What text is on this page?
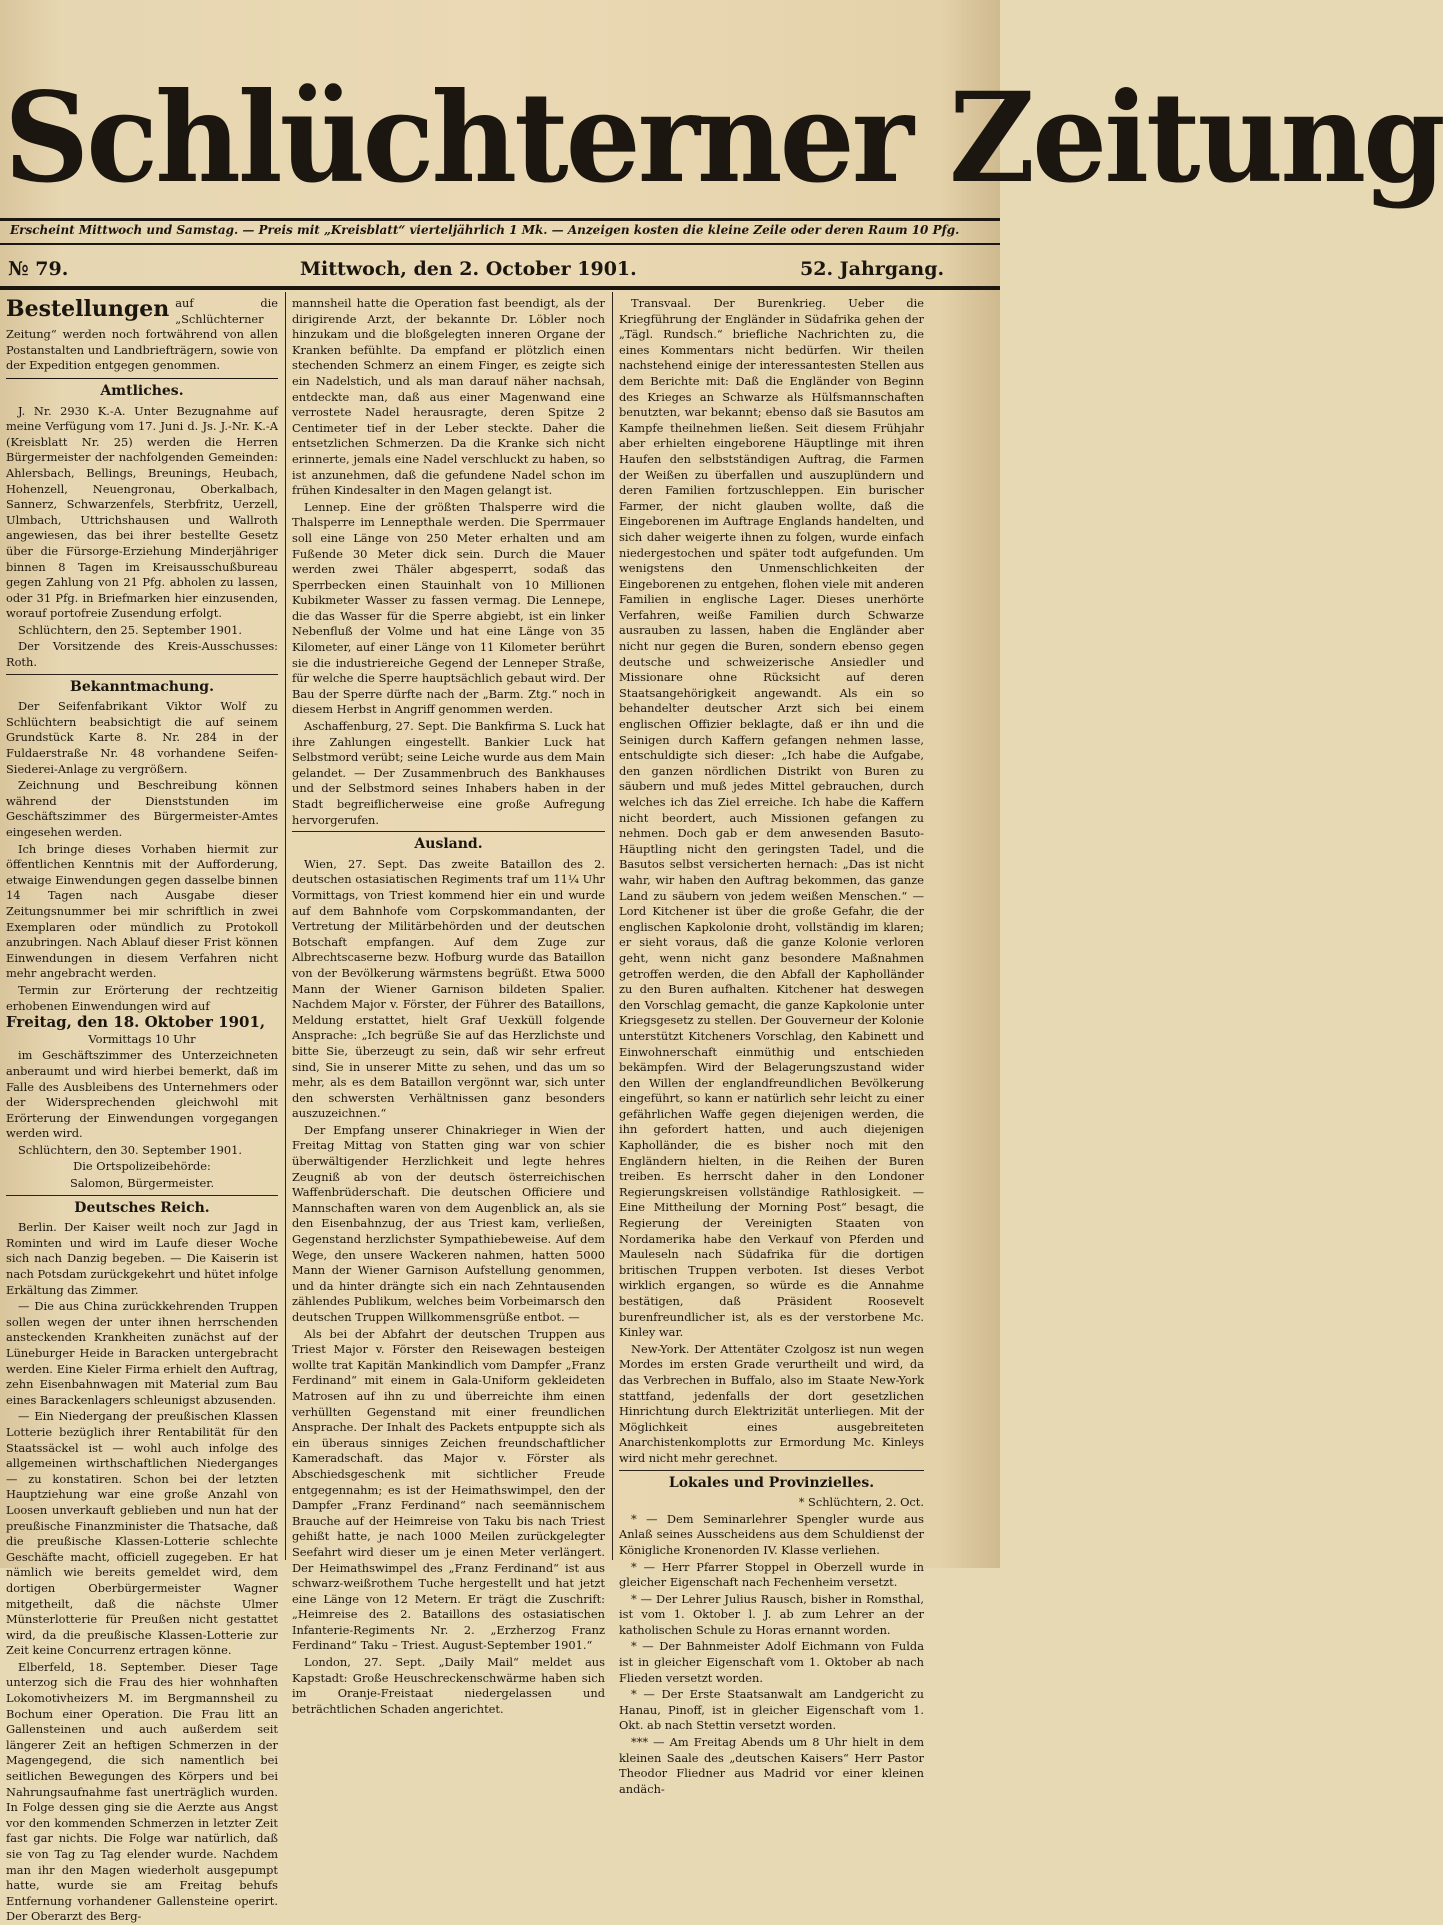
Schlüchterner Zeitung
Erscheint Mittwoch und Samstag. — Preis mit „Kreisblatt“ vierteljährlich 1 Mk. — Anzeigen kosten die kleine Zeile oder deren Raum 10 Pfg.
№ 79.	Mittwoch, den 2. October 1901.	52. Jahrgang.
Bestellungen auf die „Schlüchterner Zeitung“ werden noch fortwährend von allen Postanstalten und Landbriefträgern, sowie von der Expedition entgegen genommen.
Amtliches.

J. Nr. 2930 K.-A. Unter Bezugnahme auf meine Verfügung vom 17. Juni d. Js. J.-Nr. K.-A (Kreisblatt Nr. 25) werden die Herren Bürgermeister der nachfolgenden Gemeinden: Ahlersbach, Bellings, Breunings, Heubach, Hohenzell, Neuengronau, Oberkalbach, Sannerz, Schwarzenfels, Sterbfritz, Uerzell, Ulmbach, Uttrichshausen und Wallroth angewiesen, das bei ihrer bestellte Gesetz über die Fürsorge-Erziehung Minderjähriger binnen 8 Tagen im Kreisausschußbureau gegen Zahlung von 21 Pfg. abholen zu lassen, oder 31 Pfg. in Briefmarken hier einzusenden, worauf portofreie Zusendung erfolgt.

Schlüchtern, den 25. September 1901.

Der Vorsitzende des Kreis-Ausschusses: Roth.

Bekanntmachung.

Der Seifenfabrikant Viktor Wolf zu Schlüchtern beabsichtigt die auf seinem Grundstück Karte 8. Nr. 284 in der Fuldaerstraße Nr. 48 vorhandene Seifen-Siederei-Anlage zu vergrößern.

Zeichnung und Beschreibung können während der Dienststunden im Geschäftszimmer des Bürgermeister-Amtes eingesehen werden.

Ich bringe dieses Vorhaben hiermit zur öffentlichen Kenntnis mit der Aufforderung, etwaige Einwendungen gegen dasselbe binnen 14 Tagen nach Ausgabe dieser Zeitungsnummer bei mir schriftlich in zwei Exemplaren oder mündlich zu Protokoll anzubringen. Nach Ablauf dieser Frist können Einwendungen in diesem Verfahren nicht mehr angebracht werden.

Termin zur Erörterung der rechtzeitig erhobenen Einwendungen wird auf

Freitag, den 18. Oktober 1901,

Vormittags 10 Uhr

im Geschäftszimmer des Unterzeichneten anberaumt und wird hierbei bemerkt, daß im Falle des Ausbleibens des Unternehmers oder der Widersprechenden gleichwohl mit Erörterung der Einwendungen vorgegangen werden wird.

Schlüchtern, den 30. September 1901.

Die Ortspolizeibehörde:

Salomon, Bürgermeister.

Deutsches Reich.

Berlin. Der Kaiser weilt noch zur Jagd in Rominten und wird im Laufe dieser Woche sich nach Danzig begeben. — Die Kaiserin ist nach Potsdam zurückgekehrt und hütet infolge Erkältung das Zimmer.

— Die aus China zurückkehrenden Truppen sollen wegen der unter ihnen herrschenden ansteckenden Krankheiten zunächst auf der Lüneburger Heide in Baracken untergebracht werden. Eine Kieler Firma erhielt den Auftrag, zehn Eisenbahnwagen mit Material zum Bau eines Barackenlagers schleunigst abzusenden.

— Ein Niedergang der preußischen Klassen Lotterie bezüglich ihrer Rentabilität für den Staatssäckel ist — wohl auch infolge des allgemeinen wirthschaftlichen Niederganges — zu konstatiren. Schon bei der letzten Hauptziehung war eine große Anzahl von Loosen unverkauft geblieben und nun hat der preußische Finanzminister die Thatsache, daß die preußische Klassen-Lotterie schlechte Geschäfte macht, officiell zugegeben. Er hat nämlich wie bereits gemeldet wird, dem dortigen Oberbürgermeister Wagner mitgetheilt, daß die nächste Ulmer Münsterlotterie für Preußen nicht gestattet wird, da die preußische Klassen-Lotterie zur Zeit keine Concurrenz ertragen könne.

Elberfeld, 18. September. Dieser Tage unterzog sich die Frau des hier wohnhaften Lokomotivheizers M. im Bergmannsheil zu Bochum einer Operation. Die Frau litt an Gallensteinen und auch außerdem seit längerer Zeit an heftigen Schmerzen in der Magengegend, die sich namentlich bei seitlichen Bewegungen des Körpers und bei Nahrungsaufnahme fast unerträglich wurden. In Folge dessen ging sie die Aerzte aus Angst vor den kommenden Schmerzen in letzter Zeit fast gar nichts. Die Folge war natürlich, daß sie von Tag zu Tag elender wurde. Nachdem man ihr den Magen wiederholt ausgepumpt hatte, wurde sie am Freitag behufs Entfernung vorhandener Gallensteine operirt. Der Oberarzt des Berg-

mannsheil hatte die Operation fast beendigt, als der dirigirende Arzt, der bekannte Dr. Löbler noch hinzukam und die bloßgelegten inneren Organe der Kranken befühlte. Da empfand er plötzlich einen stechenden Schmerz an einem Finger, es zeigte sich ein Nadelstich, und als man darauf näher nachsah, entdeckte man, daß aus einer Magenwand eine verrostete Nadel herausragte, deren Spitze 2 Centimeter tief in der Leber steckte. Daher die entsetzlichen Schmerzen. Da die Kranke sich nicht erinnerte, jemals eine Nadel verschluckt zu haben, so ist anzunehmen, daß die gefundene Nadel schon im frühen Kindesalter in den Magen gelangt ist.

Lennep. Eine der größten Thalsperre wird die Thalsperre im Lennepthale werden. Die Sperrmauer soll eine Länge von 250 Meter erhalten und am Fußende 30 Meter dick sein. Durch die Mauer werden zwei Thäler abgesperrt, sodaß das Sperrbecken einen Stauinhalt von 10 Millionen Kubikmeter Wasser zu fassen vermag. Die Lennepe, die das Wasser für die Sperre abgiebt, ist ein linker Nebenfluß der Volme und hat eine Länge von 35 Kilometer, auf einer Länge von 11 Kilometer berührt sie die industriereiche Gegend der Lenneper Straße, für welche die Sperre hauptsächlich gebaut wird. Der Bau der Sperre dürfte nach der „Barm. Ztg.“ noch in diesem Herbst in Angriff genommen werden.

Aschaffenburg, 27. Sept. Die Bankfirma S. Luck hat ihre Zahlungen eingestellt. Bankier Luck hat Selbstmord verübt; seine Leiche wurde aus dem Main gelandet. — Der Zusammenbruch des Bankhauses und der Selbstmord seines Inhabers haben in der Stadt begreiflicherweise eine große Aufregung hervorgerufen.

Ausland.

Wien, 27. Sept. Das zweite Bataillon des 2. deutschen ostasiatischen Regiments traf um 11¼ Uhr Vormittags, von Triest kommend hier ein und wurde auf dem Bahnhofe vom Corpskommandanten, der Vertretung der Militärbehörden und der deutschen Botschaft empfangen. Auf dem Zuge zur Albrechtscaserne bezw. Hofburg wurde das Bataillon von der Bevölkerung wärmstens begrüßt. Etwa 5000 Mann der Wiener Garnison bildeten Spalier. Nachdem Major v. Förster, der Führer des Bataillons, Meldung erstattet, hielt Graf Uexküll folgende Ansprache: „Ich begrüße Sie auf das Herzlichste und bitte Sie, überzeugt zu sein, daß wir sehr erfreut sind, Sie in unserer Mitte zu sehen, und das um so mehr, als es dem Bataillon vergönnt war, sich unter den schwersten Verhältnissen ganz besonders auszuzeichnen.“

Der Empfang unserer Chinakrieger in Wien der Freitag Mittag von Statten ging war von schier überwältigender Herzlichkeit und legte hehres Zeugniß ab von der deutsch österreichischen Waffenbrüderschaft. Die deutschen Officiere und Mannschaften waren von dem Augenblick an, als sie den Eisenbahnzug, der aus Triest kam, verließen, Gegenstand herzlichster Sympathiebeweise. Auf dem Wege, den unsere Wackeren nahmen, hatten 5000 Mann der Wiener Garnison Aufstellung genommen, und da hinter drängte sich ein nach Zehntausenden zählendes Publikum, welches beim Vorbeimarsch den deutschen Truppen Willkommensgrüße entbot. —

Als bei der Abfahrt der deutschen Truppen aus Triest Major v. Förster den Reisewagen besteigen wollte trat Kapitän Mankindlich vom Dampfer „Franz Ferdinand“ mit einem in Gala-Uniform gekleideten Matrosen auf ihn zu und überreichte ihm einen verhüllten Gegenstand mit einer freundlichen Ansprache. Der Inhalt des Packets entpuppte sich als ein überaus sinniges Zeichen freundschaftlicher Kameradschaft. das Major v. Förster als Abschiedsgeschenk mit sichtlicher Freude entgegennahm; es ist der Heimathswimpel, den der Dampfer „Franz Ferdinand“ nach seemännischem Brauche auf der Heimreise von Taku bis nach Triest gehißt hatte, je nach 1000 Meilen zurückgelegter Seefahrt wird dieser um je einen Meter verlängert. Der Heimathswimpel des „Franz Ferdinand“ ist aus schwarz-weißrothem Tuche hergestellt und hat jetzt eine Länge von 12 Metern. Er trägt die Zuschrift: „Heimreise des 2. Bataillons des ostasiatischen Infanterie-Regiments Nr. 2. „Erzherzog Franz Ferdinand“ Taku – Triest. August-September 1901.“

London, 27. Sept. „Daily Mail“ meldet aus Kapstadt: Große Heuschreckenschwärme haben sich im Oranje-Freistaat niedergelassen und beträchtlichen Schaden angerichtet.

Transvaal. Der Burenkrieg. Ueber die Kriegführung der Engländer in Südafrika gehen der „Tägl. Rundsch.“ briefliche Nachrichten zu, die eines Kommentars nicht bedürfen. Wir theilen nachstehend einige der interessantesten Stellen aus dem Berichte mit: Daß die Engländer von Beginn des Krieges an Schwarze als Hülfsmannschaften benutzten, war bekannt; ebenso daß sie Basutos am Kampfe theilnehmen ließen. Seit diesem Frühjahr aber erhielten eingeborene Häuptlinge mit ihren Haufen den selbstständigen Auftrag, die Farmen der Weißen zu überfallen und auszuplündern und deren Familien fortzuschleppen. Ein burischer Farmer, der nicht glauben wollte, daß die Eingeborenen im Auftrage Englands handelten, und sich daher weigerte ihnen zu folgen, wurde einfach niedergestochen und später todt aufgefunden. Um wenigstens den Unmenschlichkeiten der Eingeborenen zu entgehen, flohen viele mit anderen Familien in englische Lager. Dieses unerhörte Verfahren, weiße Familien durch Schwarze ausrauben zu lassen, haben die Engländer aber nicht nur gegen die Buren, sondern ebenso gegen deutsche und schweizerische Ansiedler und Missionare ohne Rücksicht auf deren Staatsangehörigkeit angewandt. Als ein so behandelter deutscher Arzt sich bei einem englischen Offizier beklagte, daß er ihn und die Seinigen durch Kaffern gefangen nehmen lasse, entschuldigte sich dieser: „Ich habe die Aufgabe, den ganzen nördlichen Distrikt von Buren zu säubern und muß jedes Mittel gebrauchen, durch welches ich das Ziel erreiche. Ich habe die Kaffern nicht beordert, auch Missionen gefangen zu nehmen. Doch gab er dem anwesenden Basuto-Häuptling nicht den geringsten Tadel, und die Basutos selbst versicherten hernach: „Das ist nicht wahr, wir haben den Auftrag bekommen, das ganze Land zu säubern von jedem weißen Menschen.“ — Lord Kitchener ist über die große Gefahr, die der englischen Kapkolonie droht, vollständig im klaren; er sieht voraus, daß die ganze Kolonie verloren geht, wenn nicht ganz besondere Maßnahmen getroffen werden, die den Abfall der Kapholländer zu den Buren aufhalten. Kitchener hat deswegen den Vorschlag gemacht, die ganze Kapkolonie unter Kriegsgesetz zu stellen. Der Gouverneur der Kolonie unterstützt Kitcheners Vorschlag, den Kabinett und Einwohnerschaft einmüthig und entschieden bekämpfen. Wird der Belagerungszustand wider den Willen der englandfreundlichen Bevölkerung eingeführt, so kann er natürlich sehr leicht zu einer gefährlichen Waffe gegen diejenigen werden, die ihn gefordert hatten, und auch diejenigen Kapholländer, die es bisher noch mit den Engländern hielten, in die Reihen der Buren treiben. Es herrscht daher in den Londoner Regierungskreisen vollständige Rathlosigkeit. — Eine Mittheilung der Morning Post“ besagt, die Regierung der Vereinigten Staaten von Nordamerika habe den Verkauf von Pferden und Mauleseln nach Südafrika für die dortigen britischen Truppen verboten. Ist dieses Verbot wirklich ergangen, so würde es die Annahme bestätigen, daß Präsident Roosevelt burenfreundlicher ist, als es der verstorbene Mc. Kinley war.

New-York. Der Attentäter Czolgosz ist nun wegen Mordes im ersten Grade verurtheilt und wird, da das Verbrechen in Buffalo, also im Staate New-York stattfand, jedenfalls der dort gesetzlichen Hinrichtung durch Elektrizität unterliegen. Mit der Möglichkeit eines ausgebreiteten Anarchistenkomplotts zur Ermordung Mc. Kinleys wird nicht mehr gerechnet.

Lokales und Provinzielles.

* Schlüchtern, 2. Oct.

* — Dem Seminarlehrer Spengler wurde aus Anlaß seines Ausscheidens aus dem Schuldienst der Königliche Kronenorden IV. Klasse verliehen.

* — Herr Pfarrer Stoppel in Oberzell wurde in gleicher Eigenschaft nach Fechenheim versetzt.

* — Der Lehrer Julius Rausch, bisher in Romsthal, ist vom 1. Oktober l. J. ab zum Lehrer an der katholischen Schule zu Horas ernannt worden.

* — Der Bahnmeister Adolf Eichmann von Fulda ist in gleicher Eigenschaft vom 1. Oktober ab nach Flieden versetzt worden.

* — Der Erste Staatsanwalt am Landgericht zu Hanau, Pinoff, ist in gleicher Eigenschaft vom 1. Okt. ab nach Stettin versetzt worden.

*** — Am Freitag Abends um 8 Uhr hielt in dem kleinen Saale des „deutschen Kaisers“ Herr Pastor Theodor Fliedner aus Madrid vor einer kleinen andäch-
